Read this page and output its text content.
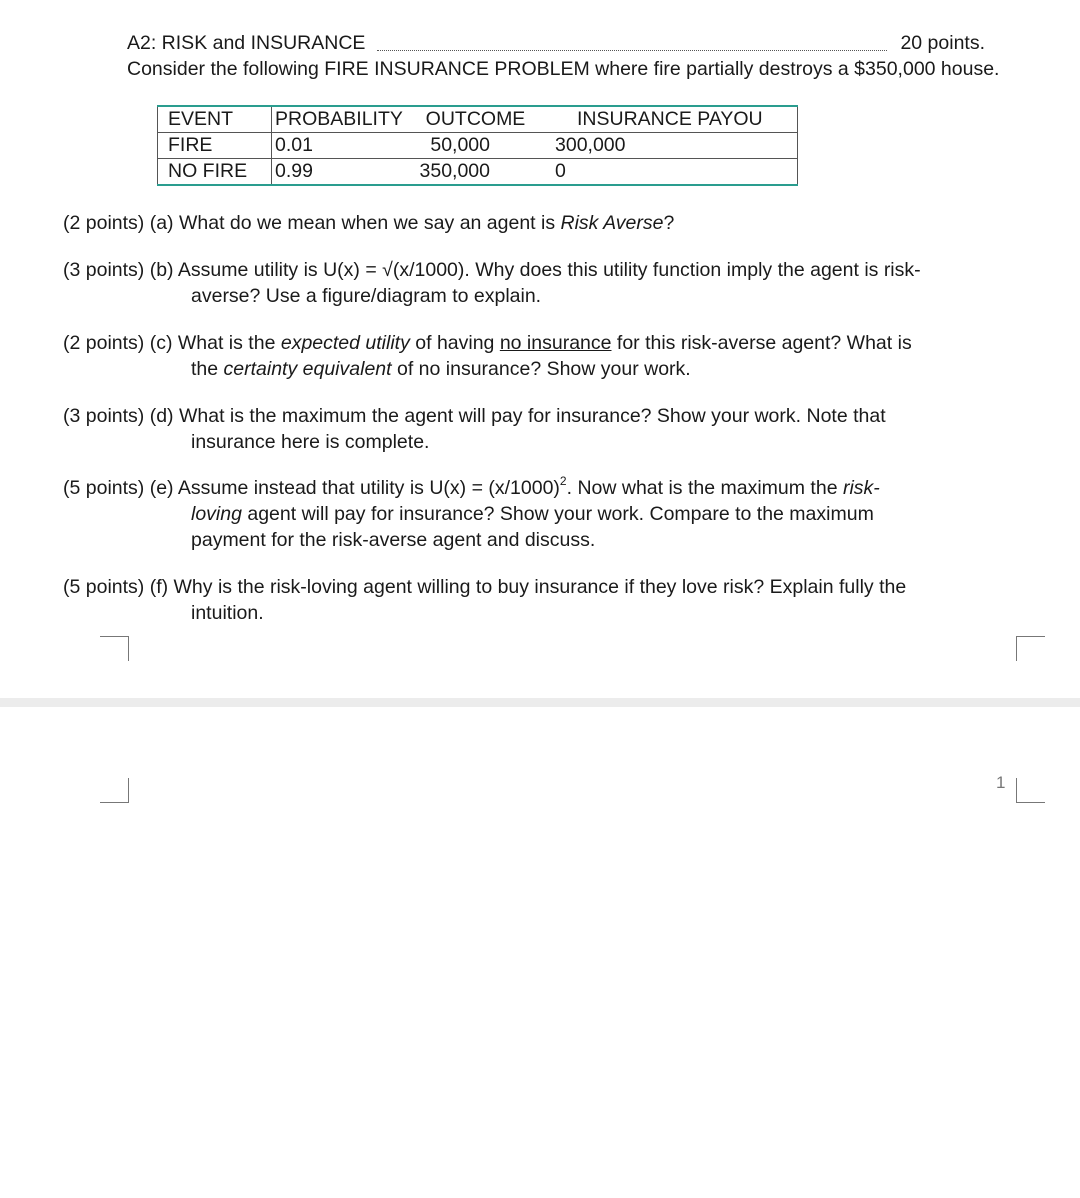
A2: RISK and INSURANCE	20 points.
Consider the following FIRE INSURANCE PROBLEM where fire partially destroys a $350,000 house.
EVENT	PROBABILITY	OUTCOME	INSURANCE PAYOU
FIRE	0.01	50,000	300,000
NO FIRE	0.99	350,000	0
(2 points) (a) What do we mean when we say an agent is Risk Averse?
(3 points) (b) Assume utility is U(x) = √(x/1000). Why does this utility function imply the agent is risk-
averse? Use a figure/diagram to explain.
(2 points) (c) What is the expected utility of having no insurance for this risk-averse agent? What is
the certainty equivalent of no insurance? Show your work.
(3 points) (d) What is the maximum the agent will pay for insurance? Show your work. Note that
insurance here is complete.
(5 points) (e) Assume instead that utility is $U(x) = (x/1000)^2$. Now what is the maximum the risk-
loving agent will pay for insurance? Show your work. Compare to the maximum
payment for the risk-averse agent and discuss.
(5 points) (f) Why is the risk-loving agent willing to buy insurance if they love risk? Explain fully the
intuition.
1
